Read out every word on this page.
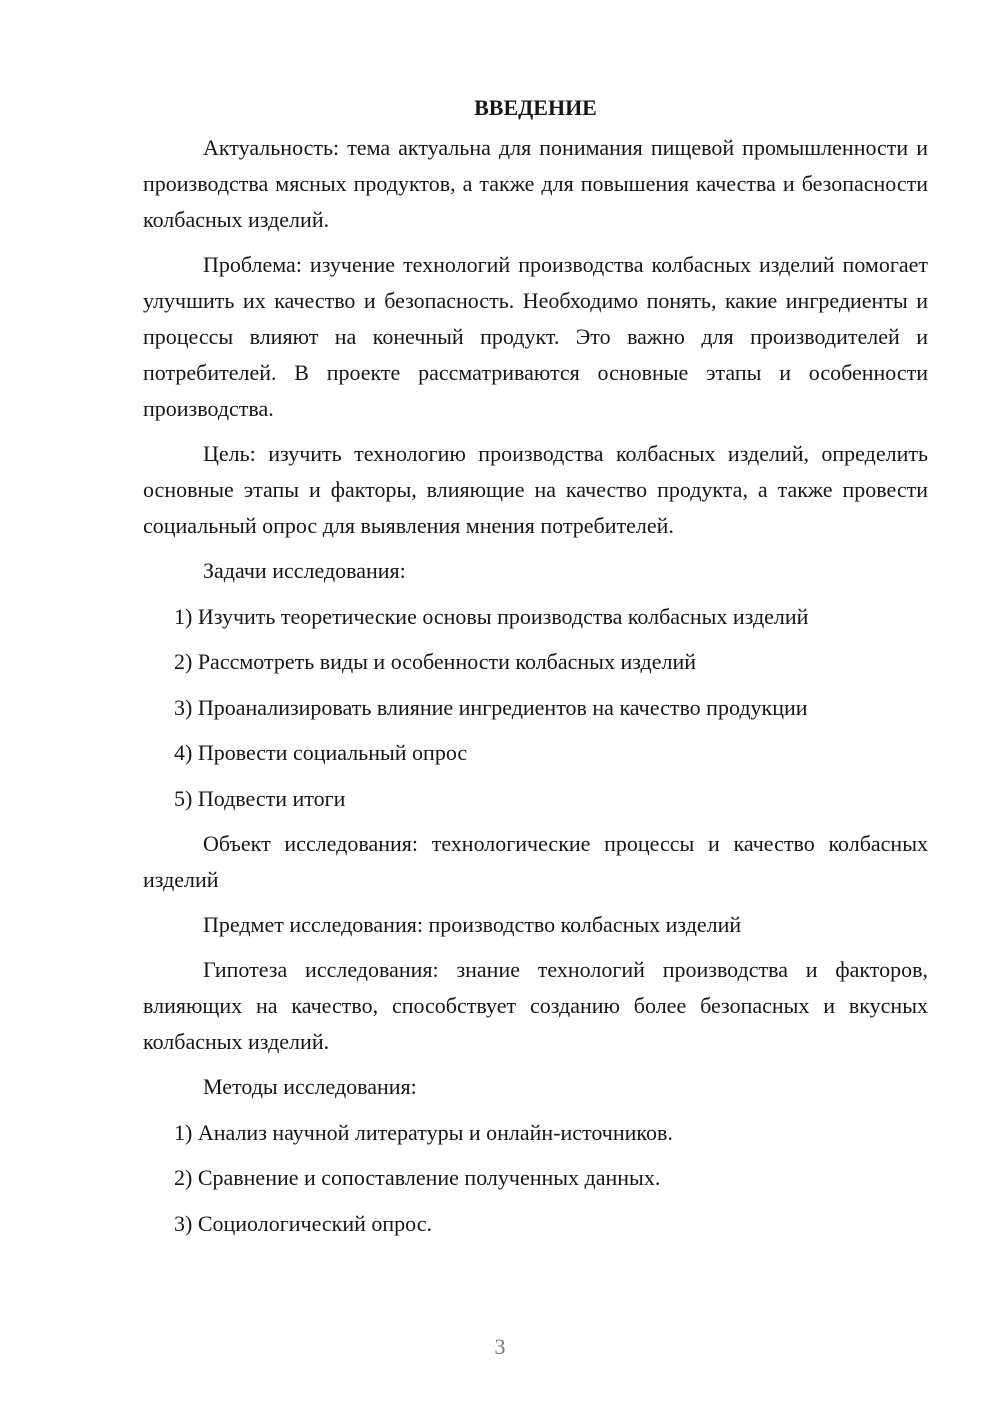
ВВЕДЕНИЕ

Актуальность: тема актуальна для понимания пищевой промышленности и производства мясных продуктов, а также для повышения качества и безопасности колбасных изделий.

Проблема: изучение технологий производства колбасных изделий помогает улучшить их качество и безопасность. Необходимо понять, какие ингредиенты и процессы влияют на конечный продукт. Это важно для производителей и потребителей. В проекте рассматриваются основные этапы и особенности производства.

Цель: изучить технологию производства колбасных изделий, определить основные этапы и факторы, влияющие на качество продукта, а также провести социальный опрос для выявления мнения потребителей.

Задачи исследования:
1) Изучить теоретические основы производства колбасных изделий
2) Рассмотреть виды и особенности колбасных изделий
3) Проанализировать влияние ингредиентов на качество продукции
4) Провести социальный опрос
5) Подвести итоги

Объект исследования: технологические процессы и качество колбасных изделий

Предмет исследования: производство колбасных изделий

Гипотеза исследования: знание технологий производства и факторов, влияющих на качество, способствует созданию более безопасных и вкусных колбасных изделий.

Методы исследования:
1) Анализ научной литературы и онлайн-источников.
2) Сравнение и сопоставление полученных данных.
3) Социологический опрос.
3
